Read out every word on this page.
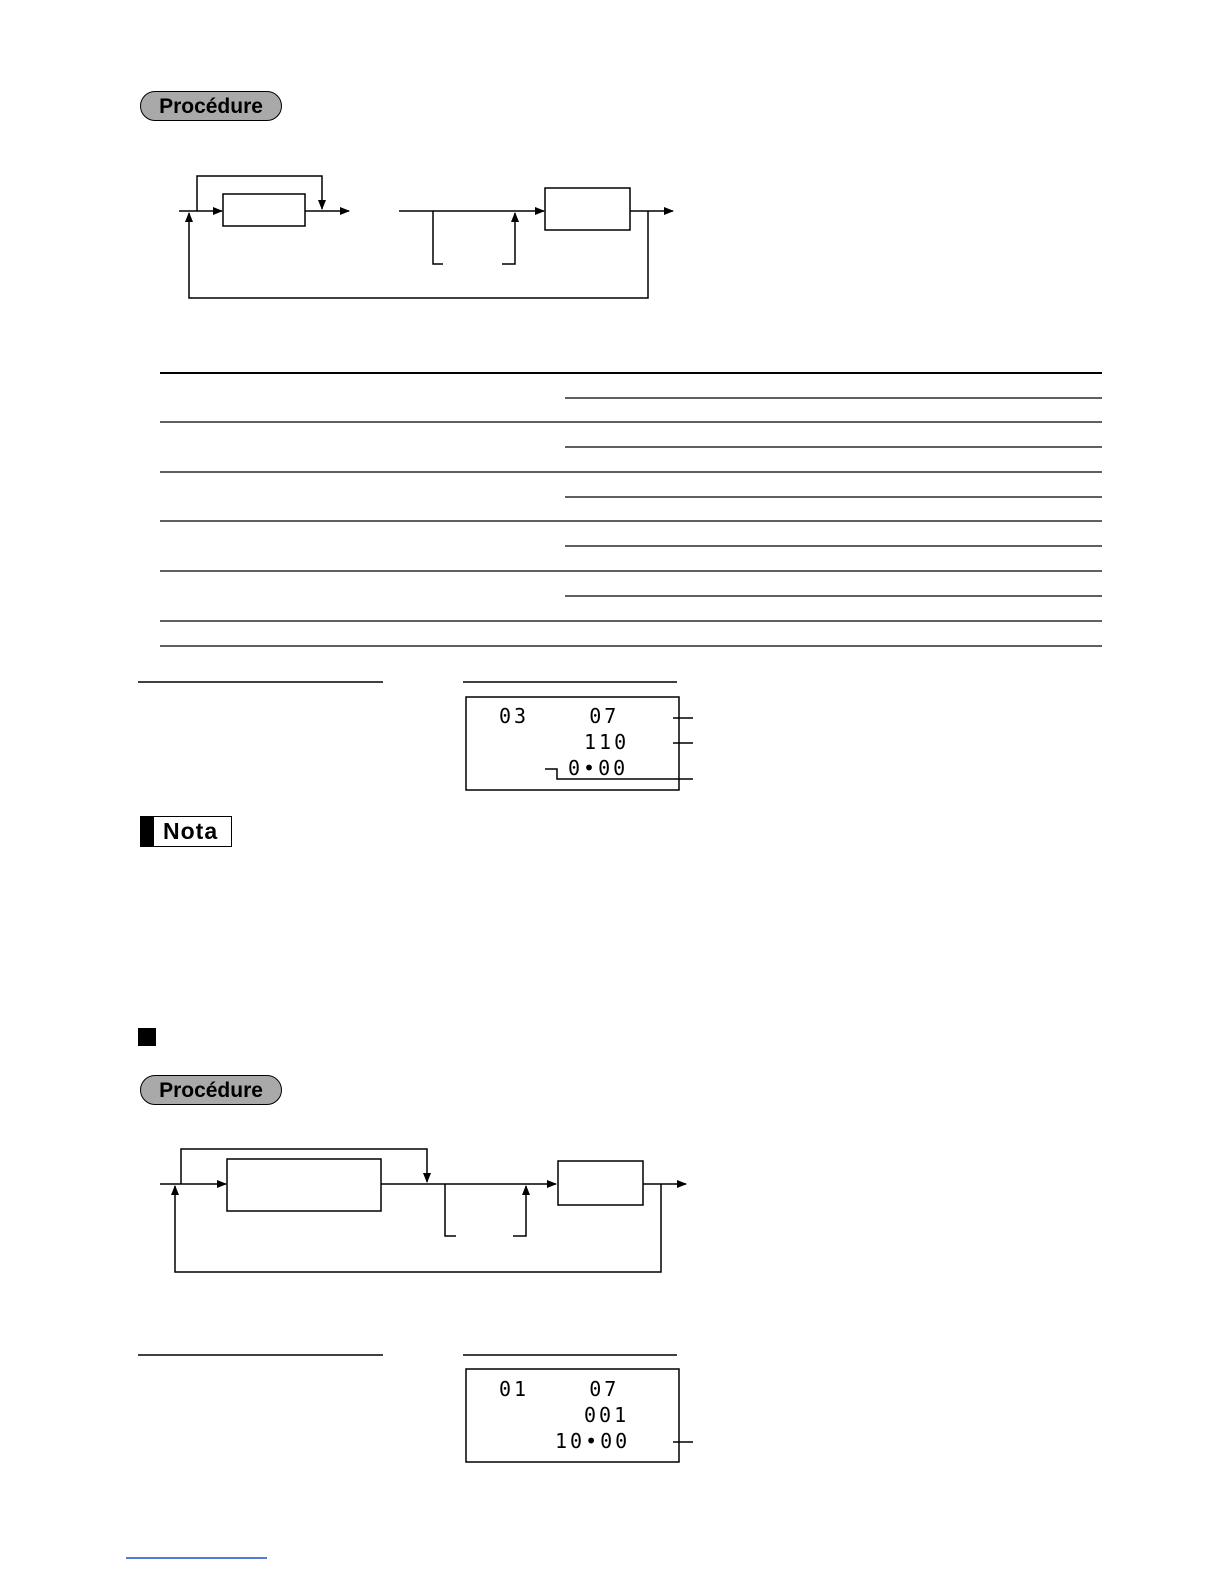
Procédure
03    07
110
0•00
Nota
Procédure
01    07
001
10•00
